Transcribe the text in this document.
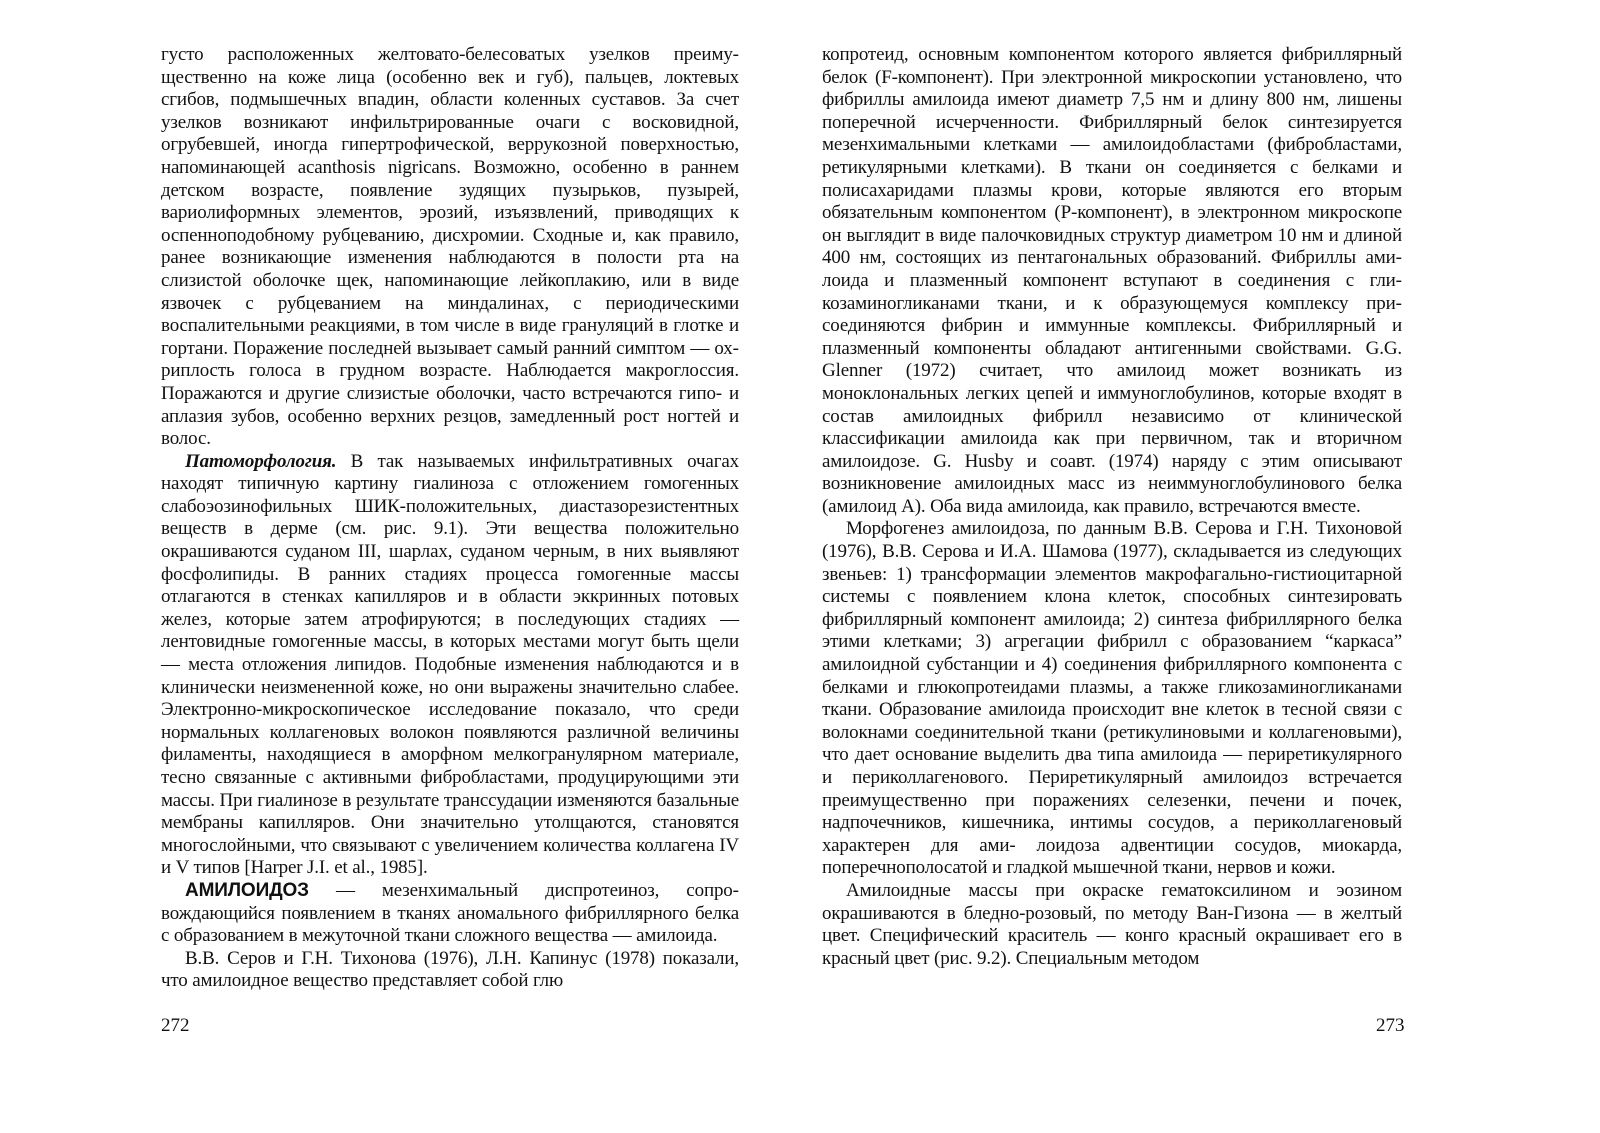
густо расположенных желтовато-белесоватых узелков преимущественно на коже лица (особенно век и губ), пальцев, локтевых сгибов, подмышечных впадин, области коленных суставов. За счет узелков возникают инфильтрированные очаги с восковидной, огрубевшей, иногда гипертрофической, веррукозной поверхностью, напоминающей acanthosis nigricans. Возможно, особенно в раннем детском возрасте, появление зудящих пузырьков, пузырей, вариолиформных элементов, эрозий, изъязвлений, приводящих к оспенноподобному рубцеванию, дисхромии. Сходные и, как правило, ранее возникающие изменения наблюдаются в полости рта на слизистой оболочке щек, напоминающие лейкоплакию, или в виде язвочек с рубцеванием на миндалинах, с периодическими воспалительными реакциями, в том числе в виде грануляций в глотке и гортани. Поражение последней вызывает самый ранний симптом — охриплость голоса в грудном возрасте. Наблюдается макроглоссия. Поражаются и другие слизистые оболочки, часто встречаются гипо- и аплазия зубов, особенно верхних резцов, замедленный рост ногтей и волос.

Патоморфология. В так называемых инфильтративных очагах находят типичную картину гиалиноза с отложением гомогенных слабоэозинофильных ШИК-положительных, диастазорезистентных веществ в дерме (см. рис. 9.1). Эти вещества положительно окрашиваются суданом III, шарлах, суданом черным, в них выявляют фосфолипиды. В ранних стадиях процесса гомогенные массы отлагаются в стенках капилляров и в области эккринных потовых желез, которые затем атрофируются; в последующих стадиях — лентовидные гомогенные массы, в которых местами могут быть щели — места отложения липидов. Подобные изменения наблюдаются и в клинически неизмененной коже, но они выражены значительно слабее. Электронно-микроскопическое исследование показало, что среди нормальных коллагеновых волокон появляются различной величины филаменты, находящиеся в аморфном мелкогранулярном материале, тесно связанные с активными фибробластами, продуцирующими эти массы. При гиалинозе в результате транссудации изменяются базальные мембраны капилляров. Они значительно утолщаются, становятся многослойными, что связывают с увеличением количества коллагена IV и V типов [Harper J.I. et al., 1985].

АМИЛОИДОЗ — мезенхимальный диспротеиноз, сопровождающийся появлением в тканях аномального фибриллярного белка с образованием в межуточной ткани сложного вещества — амилоида.

В.В. Серов и Г.Н. Тихонова (1976), Л.Н. Капинус (1978) показали, что амилоидное вещество представляет собой глю

272

копротеид, основным компонентом которого является фибриллярный белок (F-компонент). При электронной микроскопии установлено, что фибриллы амилоида имеют диаметр 7,5 нм и длину 800 нм, лишены поперечной исчерченности. Фибриллярный белок синтезируется мезенхимальными клетками — амилоидобластами (фибробластами, ретикулярными клетками). В ткани он соединяется с белками и полисахаридами плазмы крови, которые являются его вторым обязательным компонентом (Р-компонент), в электронном микроскопе он выглядит в виде палочковидных структур диаметром 10 нм и длиной 400 нм, состоящих из пентагональных образований. Фибриллы амилоида и плазменный компонент вступают в соединения с гликозаминогликанами ткани, и к образующемуся комплексу присоединяются фибрин и иммунные комплексы. Фибриллярный и плазменный компоненты обладают антигенными свойствами. G.G. Glenner (1972) считает, что амилоид может возникать из моноклональных легких цепей и иммуноглобулинов, которые входят в состав амилоидных фибрилл независимо от клинической классификации амилоида как при первичном, так и вторичном амилоидозе. G. Husby и соавт. (1974) наряду с этим описывают возникновение амилоидных масс из неиммуноглобулинового белка (амилоид А). Оба вида амилоида, как правило, встречаются вместе.

Морфогенез амилоидоза, по данным В.В. Серова и Г.Н. Тихоновой (1976), В.В. Серова и И.А. Шамова (1977), складывается из следующих звеньев: 1) трансформации элементов макрофагально-гистиоцитарной системы с появлением клона клеток, способных синтезировать фибриллярный компонент амилоида; 2) синтеза фибриллярного белка этими клетками; 3) агрегации фибрилл с образованием “каркаса” амилоидной субстанции и 4) соединения фибриллярного компонента с белками и глюкопротеидами плазмы, а также гликозаминогликанами ткани. Образование амилоида происходит вне клеток в тесной связи с волокнами соединительной ткани (ретикулиновыми и коллагеновыми), что дает основание выделить два типа амилоида — периретикулярного и периколлагенового. Периретикулярный амилоидоз встречается преимущественно при поражениях селезенки, печени и почек, надпочечников, кишечника, интимы сосудов, а периколлагеновый характерен для ами- лоидоза адвентиции сосудов, миокарда, поперечнополосатой и гладкой мышечной ткани, нервов и кожи.

Амилоидные массы при окраске гематоксилином и эозином окрашиваются в бледно-розовый, по методу Ван-Гизона — в желтый цвет. Специфический краситель — конго красный окрашивает его в красный цвет (рис. 9.2). Специальным методом

273
